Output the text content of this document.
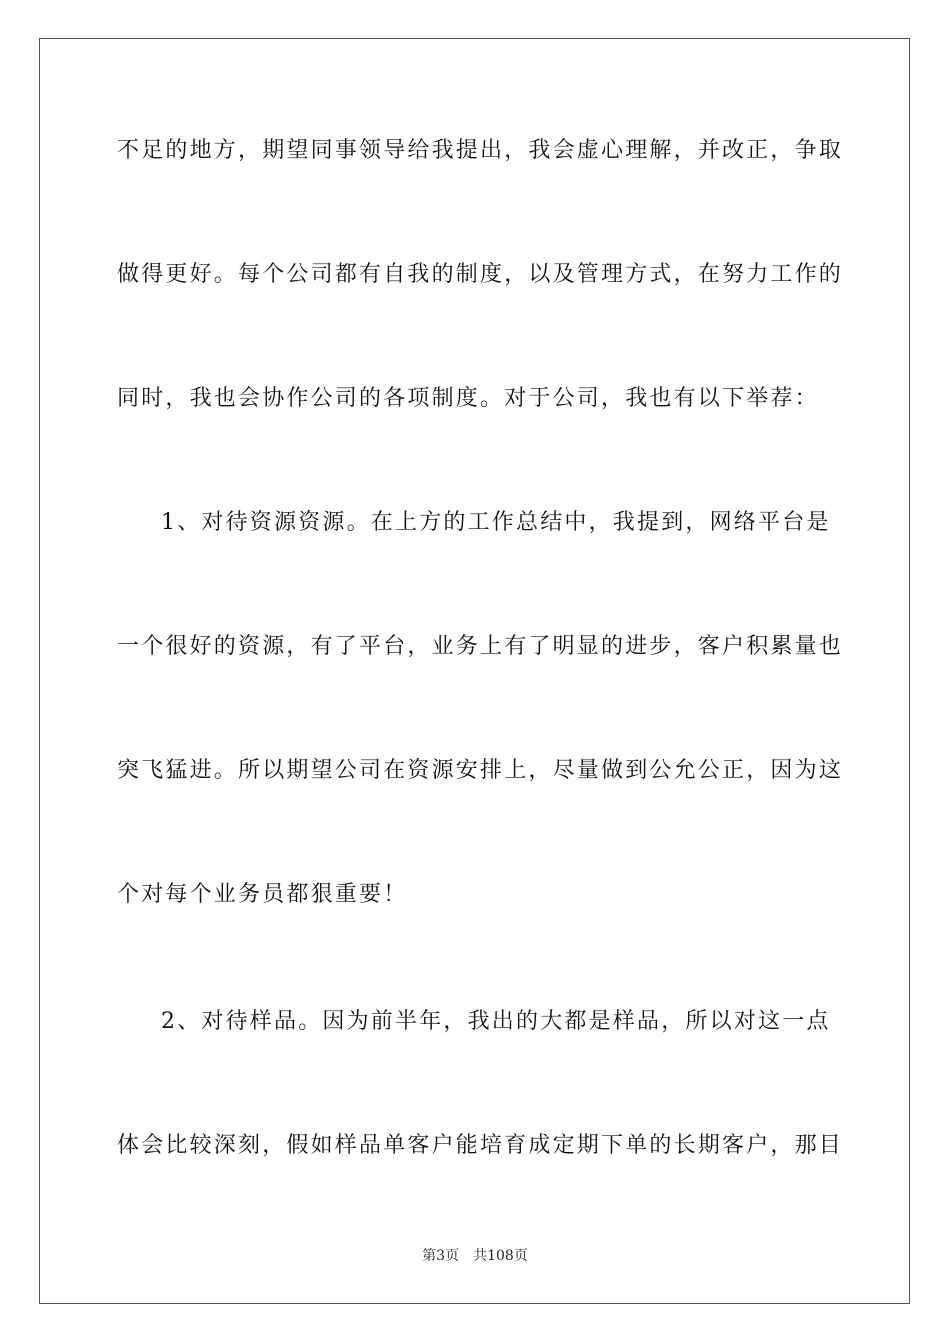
不足的地方，期望同事领导给我提出，我会虚心理解，并改正，争取
做得更好。每个公司都有自我的制度，以及管理方式，在努力工作的
同时，我也会协作公司的各项制度。对于公司，我也有以下举荐：
1、对待资源资源。在上方的工作总结中，我提到，网络平台是
一个很好的资源，有了平台，业务上有了明显的进步，客户积累量也
突飞猛进。所以期望公司在资源安排上，尽量做到公允公正，因为这
个对每个业务员都狠重要！
2、对待样品。因为前半年，我出的大都是样品，所以对这一点
体会比较深刻，假如样品单客户能培育成定期下单的长期客户，那目
第3页 共108页
